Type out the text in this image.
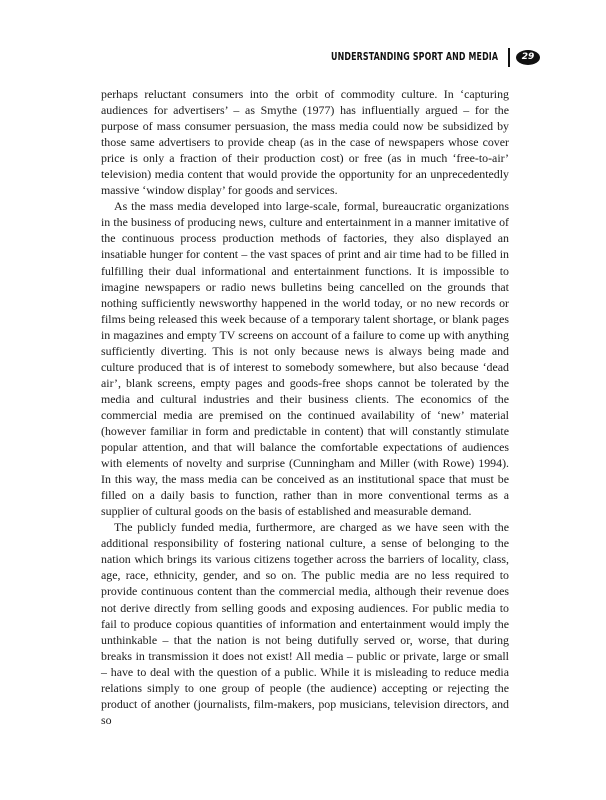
UNDERSTANDING SPORT AND MEDIA	29

perhaps reluctant consumers into the orbit of commodity culture. In ‘capturing audiences for advertisers’ – as Smythe (1977) has influentially argued – for the purpose of mass consumer persuasion, the mass media could now be subsidized by those same advertisers to provide cheap (as in the case of newspapers whose cover price is only a fraction of their production cost) or free (as in much ‘free-to-air’ television) media content that would provide the opportunity for an unprecedentedly massive ‘window display’ for goods and services.

As the mass media developed into large-scale, formal, bureaucratic organizations in the business of producing news, culture and entertainment in a manner imitative of the continuous process production methods of factories, they also displayed an insatiable hunger for content – the vast spaces of print and air time had to be filled in fulfilling their dual informational and entertainment functions. It is impossible to imagine newspapers or radio news bulletins being cancelled on the grounds that nothing sufficiently newsworthy happened in the world today, or no new records or films being released this week because of a temporary talent shortage, or blank pages in magazines and empty TV screens on account of a failure to come up with anything sufficiently diverting. This is not only because news is always being made and culture produced that is of interest to somebody somewhere, but also because ‘dead air’, blank screens, empty pages and goods-free shops cannot be tolerated by the media and cultural industries and their business clients. The economics of the commercial media are premised on the continued availability of ‘new’ material (however familiar in form and predictable in content) that will constantly stimulate popular attention, and that will balance the comfortable expectations of audiences with elements of novelty and surprise (Cunningham and Miller (with Rowe) 1994). In this way, the mass media can be conceived as an institutional space that must be filled on a daily basis to function, rather than in more conventional terms as a supplier of cultural goods on the basis of established and measurable demand.

The publicly funded media, furthermore, are charged as we have seen with the additional responsibility of fostering national culture, a sense of belonging to the nation which brings its various citizens together across the barriers of locality, class, age, race, ethnicity, gender, and so on. The public media are no less required to provide continuous content than the commercial media, although their revenue does not derive directly from selling goods and exposing audiences. For public media to fail to produce copious quantities of information and entertainment would imply the unthinkable – that the nation is not being dutifully served or, worse, that during breaks in transmission it does not exist! All media – public or private, large or small – have to deal with the question of a public. While it is misleading to reduce media relations simply to one group of people (the audience) accepting or rejecting the product of another (journalists, film-makers, pop musicians, television directors, and so
